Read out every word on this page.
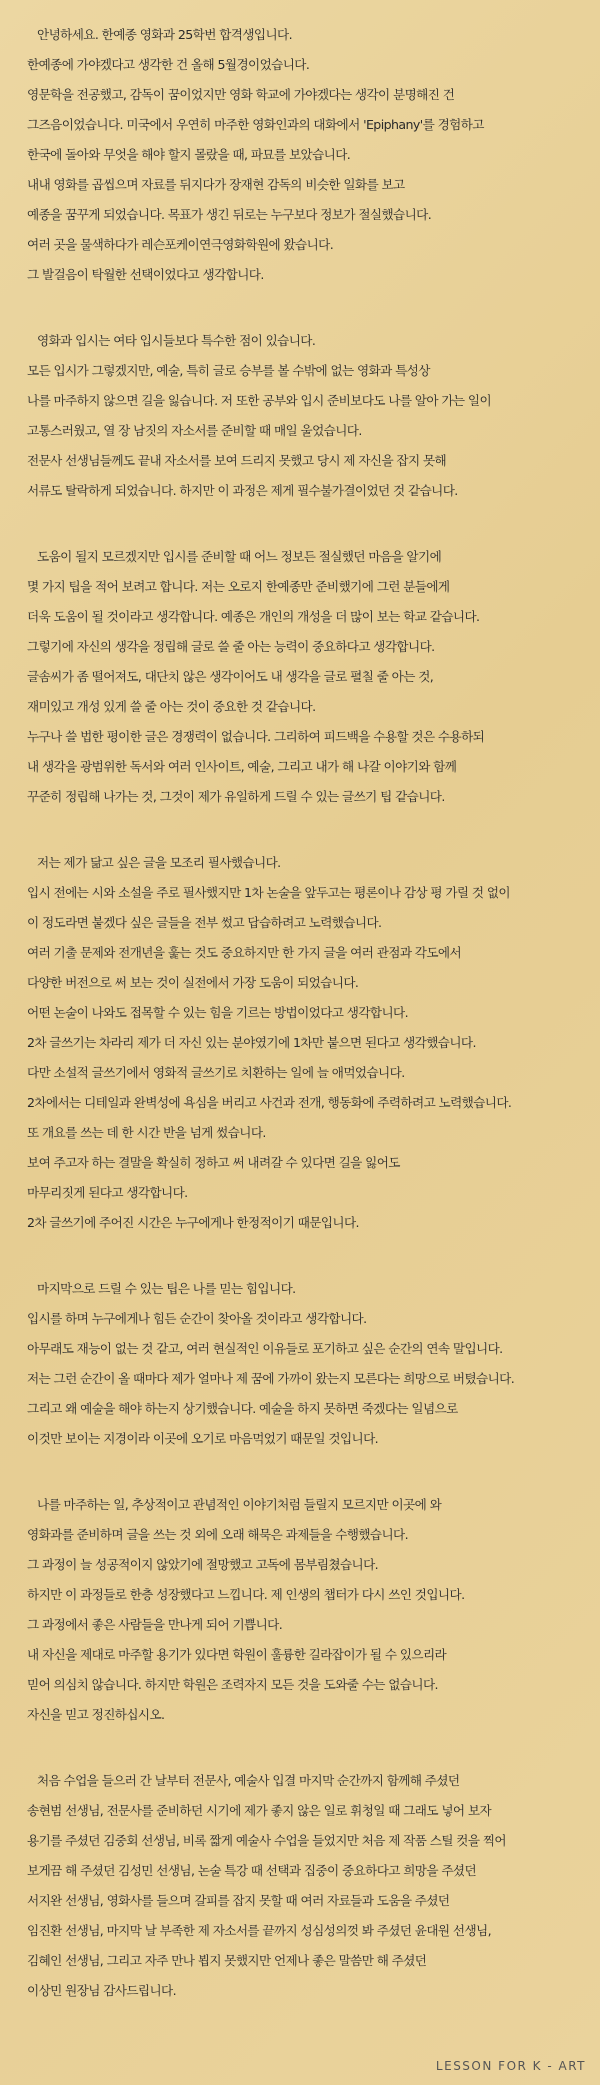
안녕하세요. 한예종 영화과 25학번 합격생입니다.
한예종에 가야겠다고 생각한 건 올해 5월경이었습니다.
영문학을 전공했고, 감독이 꿈이었지만 영화 학교에 가야겠다는 생각이 분명해진 건
그즈음이었습니다. 미국에서 우연히 마주한 영화인과의 대화에서 'Epiphany'를 경험하고
한국에 돌아와 무엇을 해야 할지 몰랐을 때, 파묘를 보았습니다.
내내 영화를 곱씹으며 자료를 뒤지다가 장재현 감독의 비슷한 일화를 보고
예종을 꿈꾸게 되었습니다. 목표가 생긴 뒤로는 누구보다 정보가 절실했습니다.
여러 곳을 물색하다가 레슨포케이연극영화학원에 왔습니다.
그 발걸음이 탁월한 선택이었다고 생각합니다.
영화과 입시는 여타 입시들보다 특수한 점이 있습니다.
모든 입시가 그렇겠지만, 예술, 특히 글로 승부를 볼 수밖에 없는 영화과 특성상
나를 마주하지 않으면 길을 잃습니다. 저 또한 공부와 입시 준비보다도 나를 알아 가는 일이
고통스러웠고, 열 장 남짓의 자소서를 준비할 때 매일 울었습니다.
전문사 선생님들께도 끝내 자소서를 보여 드리지 못했고 당시 제 자신을 잡지 못해
서류도 탈락하게 되었습니다. 하지만 이 과정은 제게 필수불가결이었던 것 같습니다.
도움이 될지 모르겠지만 입시를 준비할 때 어느 정보든 절실했던 마음을 알기에
몇 가지 팁을 적어 보려고 합니다. 저는 오로지 한예종만 준비했기에 그런 분들에게
더욱 도움이 될 것이라고 생각합니다. 예종은 개인의 개성을 더 많이 보는 학교 같습니다.
그렇기에 자신의 생각을 정립해 글로 쓸 줄 아는 능력이 중요하다고 생각합니다.
글솜씨가 좀 떨어져도, 대단치 않은 생각이어도 내 생각을 글로 펼칠 줄 아는 것,
재미있고 개성 있게 쓸 줄 아는 것이 중요한 것 같습니다.
누구나 쓸 법한 평이한 글은 경쟁력이 없습니다. 그리하여 피드백을 수용할 것은 수용하되
내 생각을 광범위한 독서와 여러 인사이트, 예술, 그리고 내가 해 나갈 이야기와 함께
꾸준히 정립해 나가는 것, 그것이 제가 유일하게 드릴 수 있는 글쓰기 팁 같습니다.
저는 제가 닮고 싶은 글을 모조리 필사했습니다.
입시 전에는 시와 소설을 주로 필사했지만 1차 논술을 앞두고는 평론이나 감상 평 가릴 것 없이
이 정도라면 붙겠다 싶은 글들을 전부 썼고 답습하려고 노력했습니다.
여러 기출 문제와 전개년을 훑는 것도 중요하지만 한 가지 글을 여러 관점과 각도에서
다양한 버전으로 써 보는 것이 실전에서 가장 도움이 되었습니다.
어떤 논술이 나와도 접목할 수 있는 힘을 기르는 방법이었다고 생각합니다.
2차 글쓰기는 차라리 제가 더 자신 있는 분야였기에 1차만 붙으면 된다고 생각했습니다.
다만 소설적 글쓰기에서 영화적 글쓰기로 치환하는 일에 늘 애먹었습니다.
2차에서는 디테일과 완벽성에 욕심을 버리고 사건과 전개, 행동화에 주력하려고 노력했습니다.
또 개요를 쓰는 데 한 시간 반을 넘게 썼습니다.
보여 주고자 하는 결말을 확실히 정하고 써 내려갈 수 있다면 길을 잃어도
마무리짓게 된다고 생각합니다.
2차 글쓰기에 주어진 시간은 누구에게나 한정적이기 때문입니다.
마지막으로 드릴 수 있는 팁은 나를 믿는 힘입니다.
입시를 하며 누구에게나 힘든 순간이 찾아올 것이라고 생각합니다.
아무래도 재능이 없는 것 같고, 여러 현실적인 이유들로 포기하고 싶은 순간의 연속 말입니다.
저는 그런 순간이 올 때마다 제가 얼마나 제 꿈에 가까이 왔는지 모른다는 희망으로 버텼습니다.
그리고 왜 예술을 해야 하는지 상기했습니다. 예술을 하지 못하면 죽겠다는 일념으로
이것만 보이는 지경이라 이곳에 오기로 마음먹었기 때문일 것입니다.
나를 마주하는 일, 추상적이고 관념적인 이야기처럼 들릴지 모르지만 이곳에 와
영화과를 준비하며 글을 쓰는 것 외에 오래 해묵은 과제들을 수행했습니다.
그 과정이 늘 성공적이지 않았기에 절망했고 고독에 몸부림쳤습니다.
하지만 이 과정들로 한층 성장했다고 느낍니다. 제 인생의 챕터가 다시 쓰인 것입니다.
그 과정에서 좋은 사람들을 만나게 되어 기쁩니다.
내 자신을 제대로 마주할 용기가 있다면 학원이 훌륭한 길라잡이가 될 수 있으리라
믿어 의심치 않습니다. 하지만 학원은 조력자지 모든 것을 도와줄 수는 없습니다.
자신을 믿고 정진하십시오.
처음 수업을 들으러 간 날부터 전문사, 예술사 입결 마지막 순간까지 함께해 주셨던
송현범 선생님, 전문사를 준비하던 시기에 제가 좋지 않은 일로 휘청일 때 그래도 넣어 보자
용기를 주셨던 김중회 선생님, 비록 짧게 예술사 수업을 들었지만 처음 제 작품 스틸 컷을 찍어
보게끔 해 주셨던 김성민 선생님, 논술 특강 때 선택과 집중이 중요하다고 희망을 주셨던
서지완 선생님, 영화사를 들으며 갈피를 잡지 못할 때 여러 자료들과 도움을 주셨던
임진환 선생님, 마지막 날 부족한 제 자소서를 끝까지 성심성의껏 봐 주셨던 윤대원 선생님,
김혜인 선생님, 그리고 자주 만나 뵙지 못했지만 언제나 좋은 말씀만 해 주셨던
이상민 원장님 감사드립니다.
LESSON FOR K - ART
